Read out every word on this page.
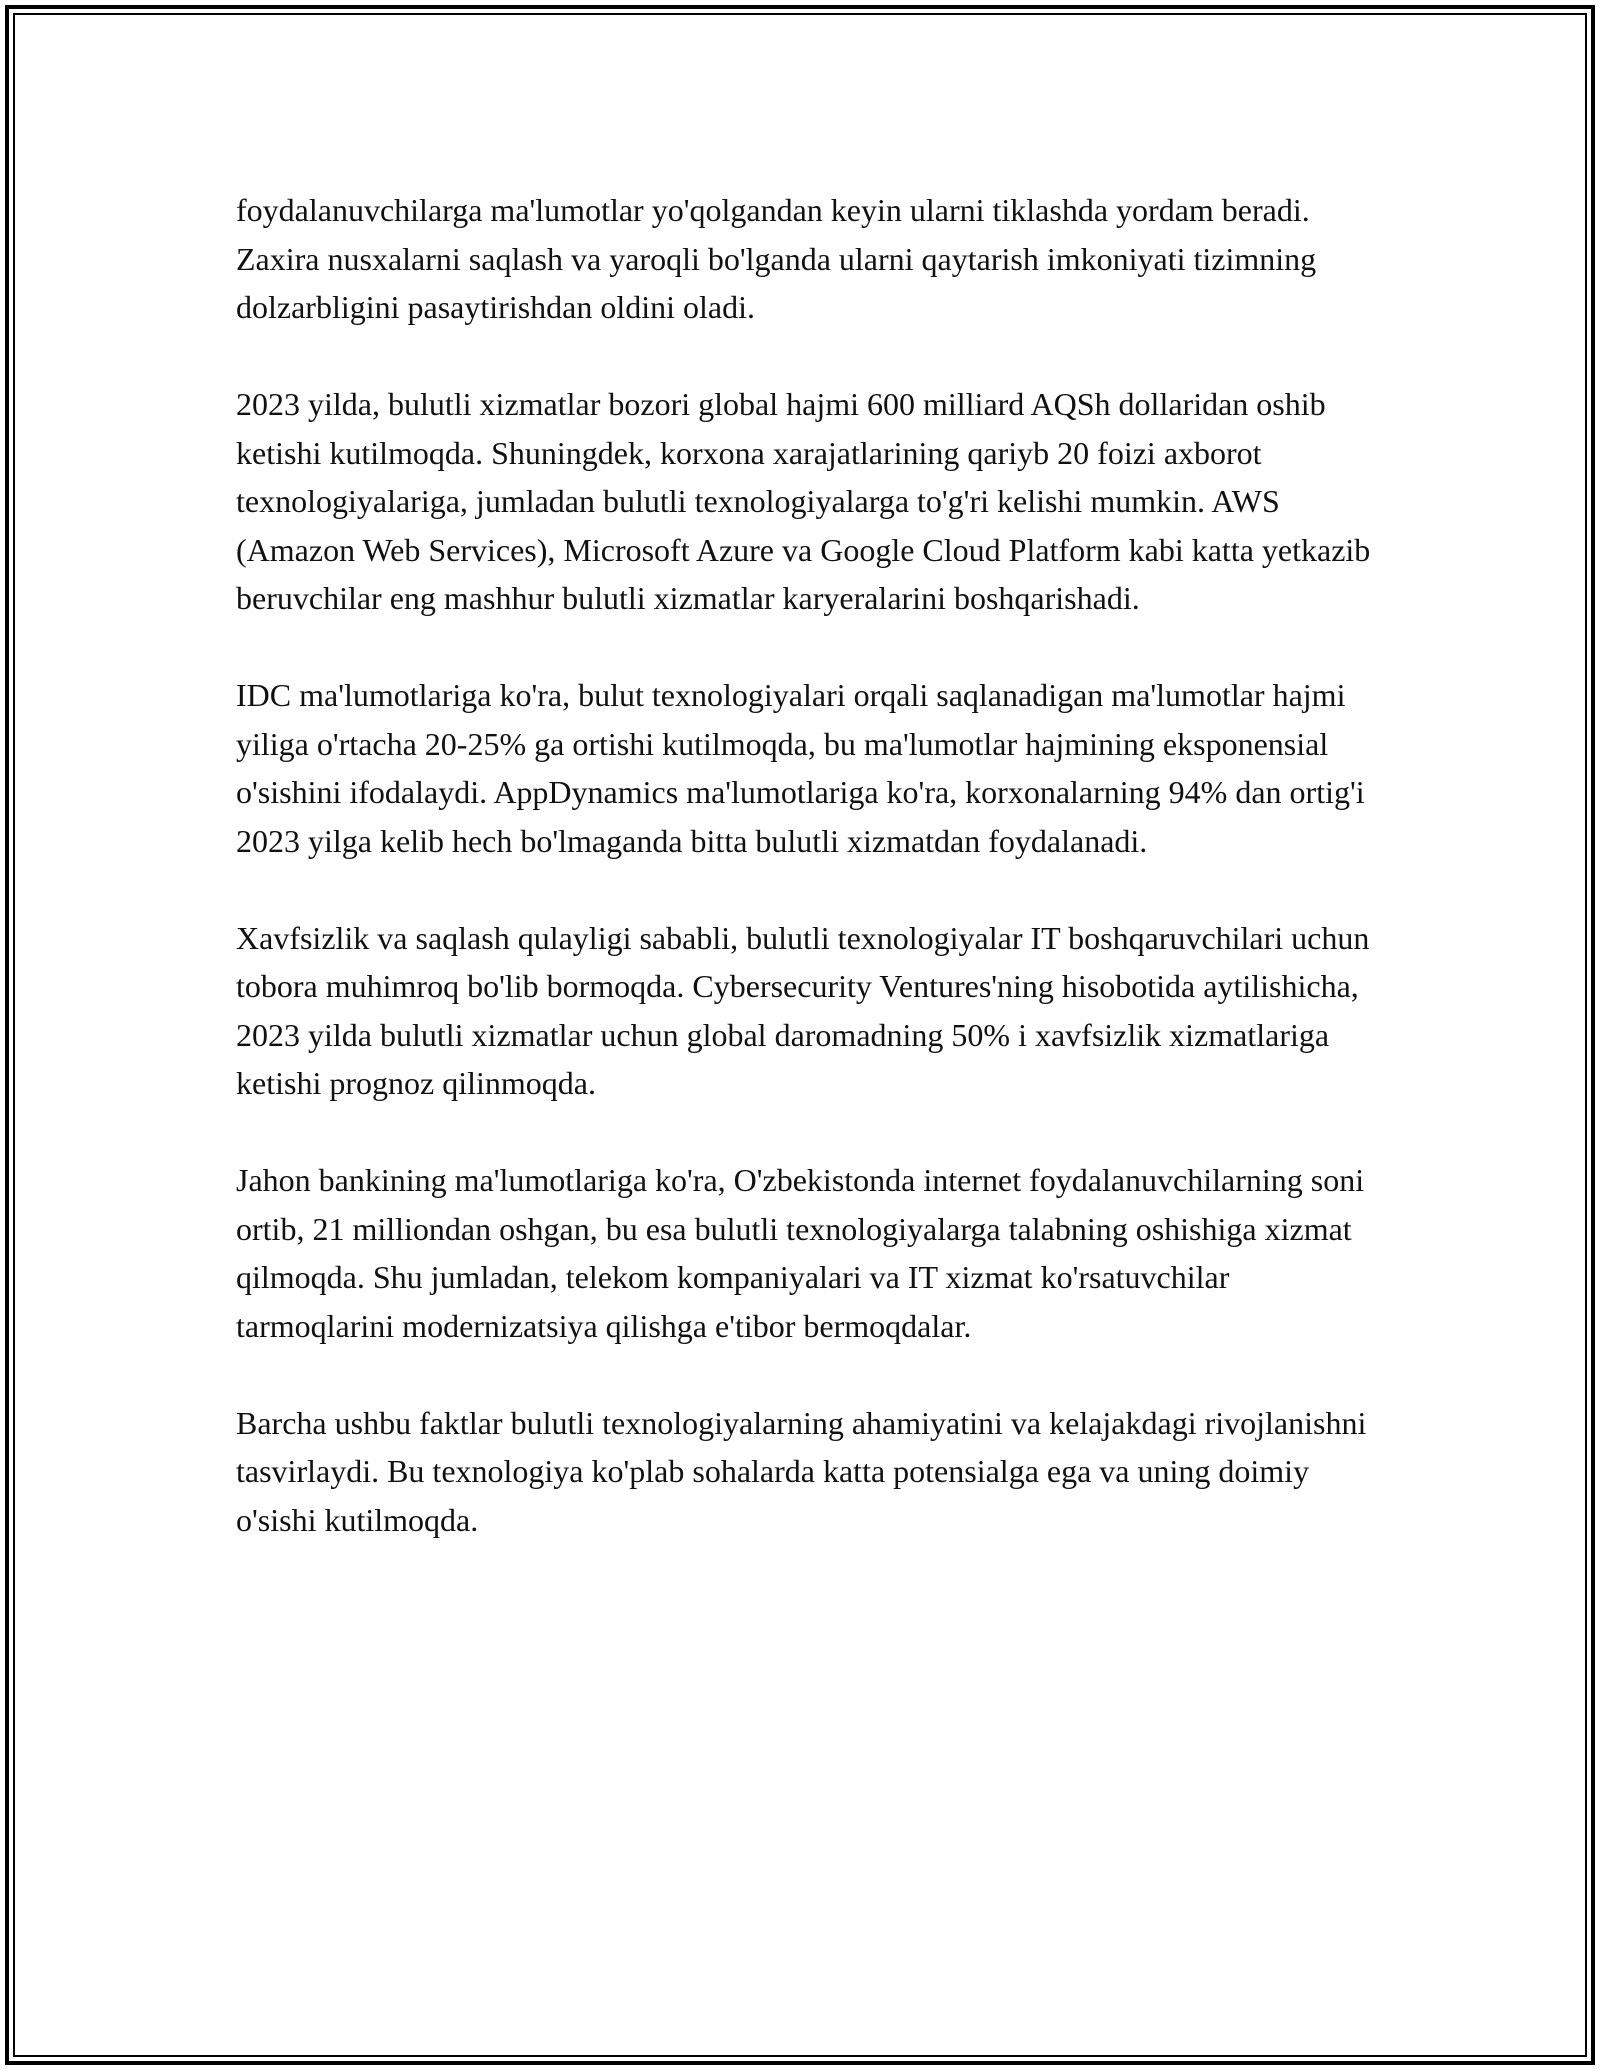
foydalanuvchilarga ma'lumotlar yo'qolgandan keyin ularni tiklashda yordam beradi. Zaxira nusxalarni saqlash va yaroqli bo'lganda ularni qaytarish imkoniyati tizimning dolzarbligini pasaytirishdan oldini oladi.

2023 yilda, bulutli xizmatlar bozori global hajmi 600 milliard AQSh dollaridan oshib ketishi kutilmoqda. Shuningdek, korxona xarajatlarining qariyb 20 foizi axborot texnologiyalariga, jumladan bulutli texnologiyalarga to'g'ri kelishi mumkin. AWS (Amazon Web Services), Microsoft Azure va Google Cloud Platform kabi katta yetkazib beruvchilar eng mashhur bulutli xizmatlar karyeralarini boshqarishadi.

IDC ma'lumotlariga ko'ra, bulut texnologiyalari orqali saqlanadigan ma'lumotlar hajmi yiliga o'rtacha 20-25% ga ortishi kutilmoqda, bu ma'lumotlar hajmining eksponensial o'sishini ifodalaydi. AppDynamics ma'lumotlariga ko'ra, korxonalarning 94% dan ortig'i 2023 yilga kelib hech bo'lmaganda bitta bulutli xizmatdan foydalanadi.

Xavfsizlik va saqlash qulayligi sababli, bulutli texnologiyalar IT boshqaruvchilari uchun tobora muhimroq bo'lib bormoqda. Cybersecurity Ventures'ning hisobotida aytilishicha, 2023 yilda bulutli xizmatlar uchun global daromadning 50% i xavfsizlik xizmatlariga ketishi prognoz qilinmoqda.

Jahon bankining ma'lumotlariga ko'ra, O'zbekistonda internet foydalanuvchilarning soni ortib, 21 milliondan oshgan, bu esa bulutli texnologiyalarga talabning oshishiga xizmat qilmoqda. Shu jumladan, telekom kompaniyalari va IT xizmat ko'rsatuvchilar tarmoqlarini modernizatsiya qilishga e'tibor bermoqdalar.

Barcha ushbu faktlar bulutli texnologiyalarning ahamiyatini va kelajakdagi rivojlanishni tasvirlaydi. Bu texnologiya ko'plab sohalarda katta potensialga ega va uning doimiy o'sishi kutilmoqda.
